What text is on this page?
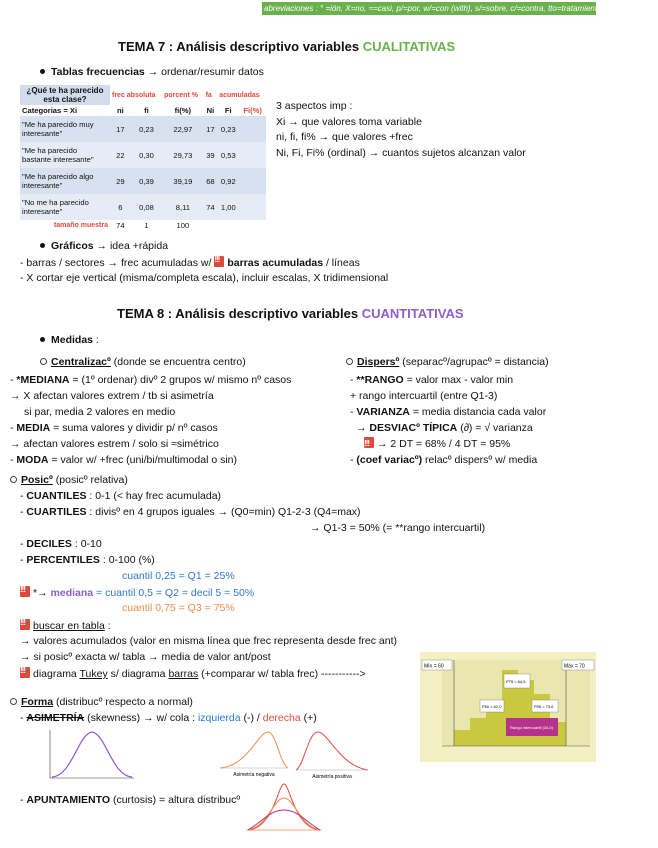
abreviaciones : ° =ión, X=no, ≈=casi, p/=por, w/=con (with), s/=sobre, c/=contra, tto=tratamiento, nec=necesario
TEMA 7 : Análisis descriptivo variables CUALITATIVAS
Tablas frecuencias → ordenar/resumir datos
¿Qué te ha parecido esta clase?	frec absoluta		porcent %	fa	acumuladas	
Categorias = Xi	ni	fi	fi(%)	Ni	Fi	Fi(%)
"Me ha parecido muy interesante"	17	0,23	22,97	17	0,23	
"Me ha parecido bastante interesante"	22	0,30	29,73	39	0,53	
"Me ha parecido algo interesante"	29	0,39	39,19	68	0,92	
"No me ha parecido interesante"	6	0,08	8,11	74	1,00	
tamaño muestra	74	1	100			
3 aspectos imp :
Xi → que valores toma variable
ni, fi, fi% → que valores +frec
Ni, Fi, Fi% (ordinal) → cuantos sujetos alcanzan valor
Gráficos → idea +rápida
- barras / sectores → frec acumuladas w/ !!!barras acumuladas / líneas
- X cortar eje vertical (misma/completa escala), incluir escalas, X tridimensional
TEMA 8 : Análisis descriptivo variables CUANTITATIVAS
Medidas :
Centralizacº (donde se encuentra centro)	Dispersº (separacº/agrupacº = distancia)
- *MEDIANA = (1º ordenar) divº 2 grupos w/ mismo nº casos
→ X afectan valores extrem / tb si asimetría
si par, media 2 valores en medio
- MEDIA = suma valores y dividir p/ nº casos
→ afectan valores estrem / solo si ≈simétrico
- MODA = valor w/ +frec (uni/bi/multimodal o sin)
- **RANGO = valor max - valor min
+ rango intercuartil (entre Q1-3)
- VARIANZA = media distancia cada valor
→ DESVIACº TÍPICA (∂) = √ varianza
!!!→ 2 DT = 68% / 4 DT = 95%
- (coef variacº) relacº dispersº w/ media
Posicº (posicº relativa)
- CUANTILES : 0-1 (< hay frec acumulada)
- CUARTILES : divisº en 4 grupos iguales → (Q0=min) Q1-2-3 (Q4=max)
→ Q1-3 = 50% (= **rango intercuartil)
- DECILES : 0-10
- PERCENTILES : 0-100 (%)
cuantil 0,25 = Q1 = 25%
!!!*→ mediana = cuantil 0,5 = Q2 = decil 5 = 50%
cuantil 0,75 = Q3 = 75%
!!!buscar en tabla :
→ valores acumulados (valor en misma línea que frec representa desde frec ant)
→ si posicº exacta w/ tabla → media de valor ant/post
!!!diagrama Tukey s/ diagrama barras (+comparar w/ tabla frec) ----------->
Mín = 60	Máx = 70
P75 = 64,5
P50 = 62,0	P95 = 73,6
Rango intercuartil (34,5)
Forma (distribucº respecto a normal)
- ASIMETRÍA (skewness) → w/ cola : izquierda (-) / derecha (+)
Asimetría negativa	Asimetría positiva
- APUNTAMIENTO (curtosis) = altura distribucº
